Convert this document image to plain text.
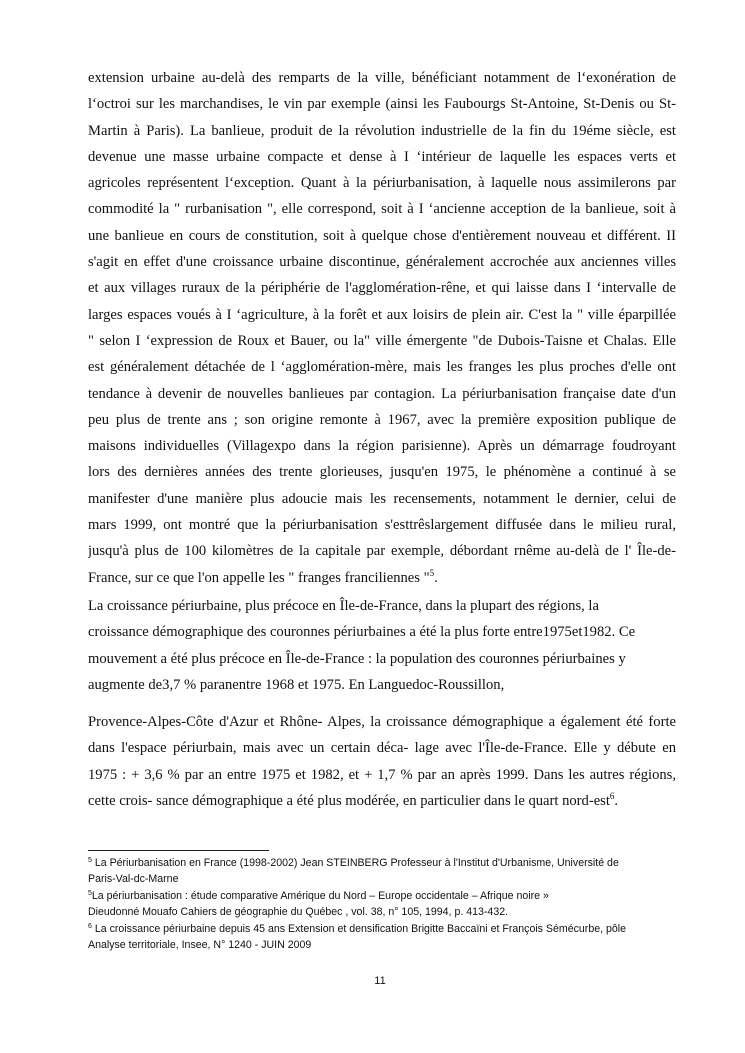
extension urbaine au-delà des remparts de la ville, bénéficiant notamment de l‘exonération de
l‘octroi sur les marchandises, le vin par exemple (ainsi les Faubourgs St-Antoine, St-Denis ou St-
Martin à Paris). La banlieue, produit de la révolution industrielle de la fin du 19éme siècle, est
devenue une masse urbaine compacte et dense à I ‘intérieur de laquelle les espaces verts et
agricoles représentent l‘exception. Quant à la périurbanisation, à laquelle nous assimilerons par
commodité la " rurbanisation ", elle correspond, soit à I ‘ancienne acception de la banlieue, soit à
une banlieue en cours de constitution, soit à quelque chose d'entièrement nouveau et différent. II
s'agit en effet d'une croissance urbaine discontinue, généralement accrochée aux anciennes villes
et aux villages ruraux de la périphérie de l'agglomération-rêne, et qui laisse dans I ‘intervalle de
larges espaces voués à I ‘agriculture, à la forêt et aux loisirs de plein air. C'est la " ville éparpillée
" selon I ‘expression de Roux et Bauer, ou la" ville émergente "de Dubois-Taisne et Chalas. Elle
est généralement détachée de l ‘agglomération-mère, mais les franges les plus proches d'elle ont
tendance à devenir de nouvelles banlieues par contagion. La périurbanisation française date d'un
peu plus de trente ans ; son origine remonte à 1967, avec la première exposition publique de
maisons individuelles (Villagexpo dans la région parisienne). Après un démarrage foudroyant
lors des dernières années des trente glorieuses, jusqu'en 1975, le phénomène a continué à se
manifester d'une manière plus adoucie mais les recensements, notamment le dernier, celui de
mars 1999, ont montré que la périurbanisation s'esttrêslargement diffusée dans le milieu rural,
jusqu'à plus de 100 kilomètres de la capitale par exemple, débordant rnême au-delà de l' Île-de-
France, sur ce que l'on appelle les " franges franciliennes "$^5$.
La croissance périurbaine, plus précoce en Île-de-France, dans la plupart des régions, la
croissance démographique des couronnes périurbaines a été la plus forte entre1975et1982. Ce
mouvement a été plus précoce en Île-de-France : la population des couronnes périurbaines y
augmente de3,7 % paranentre 1968 et 1975. En Languedoc-Roussillon,
Provence-Alpes-Côte d'Azur et Rhône- Alpes, la croissance démographique a également été forte
dans l'espace périurbain, mais avec un certain déca- lage avec l'Île-de-France. Elle y débute en
1975 : + 3,6 % par an entre 1975 et 1982, et + 1,7 % par an après 1999. Dans les autres régions,
cette crois- sance démographique a été plus modérée, en particulier dans le quart nord-est$^6$.
$^5$ La Périurbanisation en France (1998-2002) Jean STEINBERG Professeur à l'Institut d'Urbanisme, Université de
Paris-Val-dc-Marne
$^5$La périurbanisation : étude comparative Amérique du Nord – Europe occidentale – Afrique noire »
Dieudonné Mouafo Cahiers de géographie du Québec , vol. 38, n° 105, 1994, p. 413-432.
$^6$ La croissance périurbaine depuis 45 ans Extension et densification Brigitte Baccaïni et François Sémécurbe, pôle
Analyse territoriale, Insee, N° 1240 - JUIN 2009
11
